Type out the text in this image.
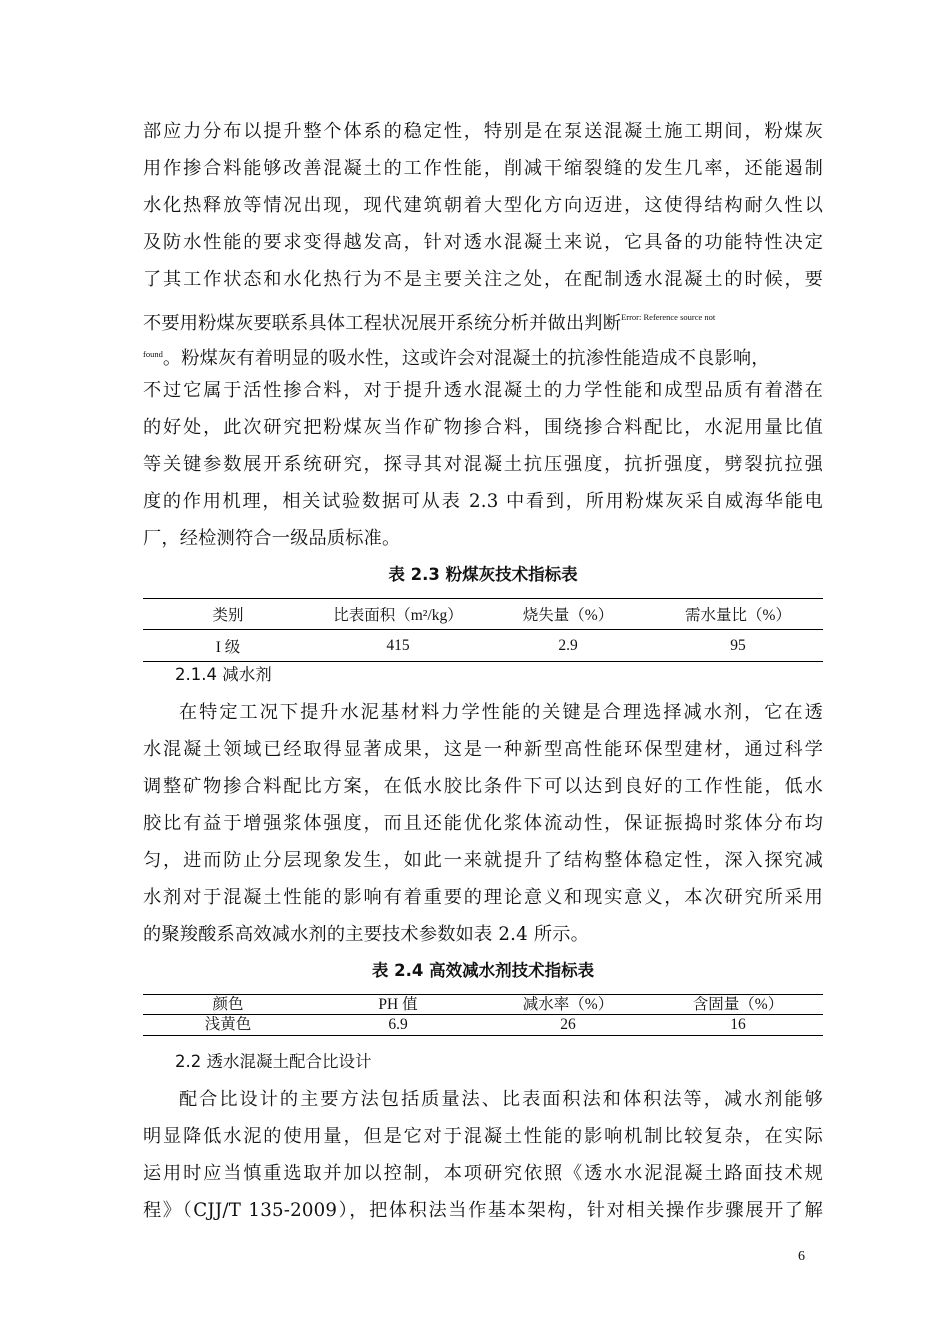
部应力分布以提升整个体系的稳定性，特别是在泵送混凝土施工期间，粉煤灰
用作掺合料能够改善混凝土的工作性能，削减干缩裂缝的发生几率，还能遏制
水化热释放等情况出现，现代建筑朝着大型化方向迈进，这使得结构耐久性以
及防水性能的要求变得越发高，针对透水混凝土来说，它具备的功能特性决定
了其工作状态和水化热行为不是主要关注之处，在配制透水混凝土的时候，要
不要用粉煤灰要联系具体工程状况展开系统分析并做出判断$^{Error: Reference source not}$
$^{found}$。粉煤灰有着明显的吸水性，这或许会对混凝土的抗渗性能造成不良影响，
不过它属于活性掺合料，对于提升透水混凝土的力学性能和成型品质有着潜在
的好处，此次研究把粉煤灰当作矿物掺合料，围绕掺合料配比，水泥用量比值
等关键参数展开系统研究，探寻其对混凝土抗压强度，抗折强度，劈裂抗拉强
度的作用机理，相关试验数据可从表 2.3 中看到，所用粉煤灰采自威海华能电
厂，经检测符合一级品质标准。
表 2.3 粉煤灰技术指标表
类别	比表面积（m²/kg）	烧失量（%）	需水量比（%）
I 级	415	2.9	95
2.1.4 减水剂
在特定工况下提升水泥基材料力学性能的关键是合理选择减水剂，它在透
水混凝土领域已经取得显著成果，这是一种新型高性能环保型建材，通过科学
调整矿物掺合料配比方案，在低水胶比条件下可以达到良好的工作性能，低水
胶比有益于增强浆体强度，而且还能优化浆体流动性，保证振捣时浆体分布均
匀，进而防止分层现象发生，如此一来就提升了结构整体稳定性，深入探究减
水剂对于混凝土性能的影响有着重要的理论意义和现实意义，本次研究所采用
的聚羧酸系高效减水剂的主要技术参数如表 2.4 所示。
表 2.4 高效减水剂技术指标表
颜色	PH 值	减水率（%）	含固量（%）
浅黄色	6.9	26	16
2.2 透水混凝土配合比设计
配合比设计的主要方法包括质量法、比表面积法和体积法等，减水剂能够
明显降低水泥的使用量，但是它对于混凝土性能的影响机制比较复杂，在实际
运用时应当慎重选取并加以控制，本项研究依照《透水水泥混凝土路面技术规
程》（CJJ/T 135-2009），把体积法当作基本架构，针对相关操作步骤展开了解
6
